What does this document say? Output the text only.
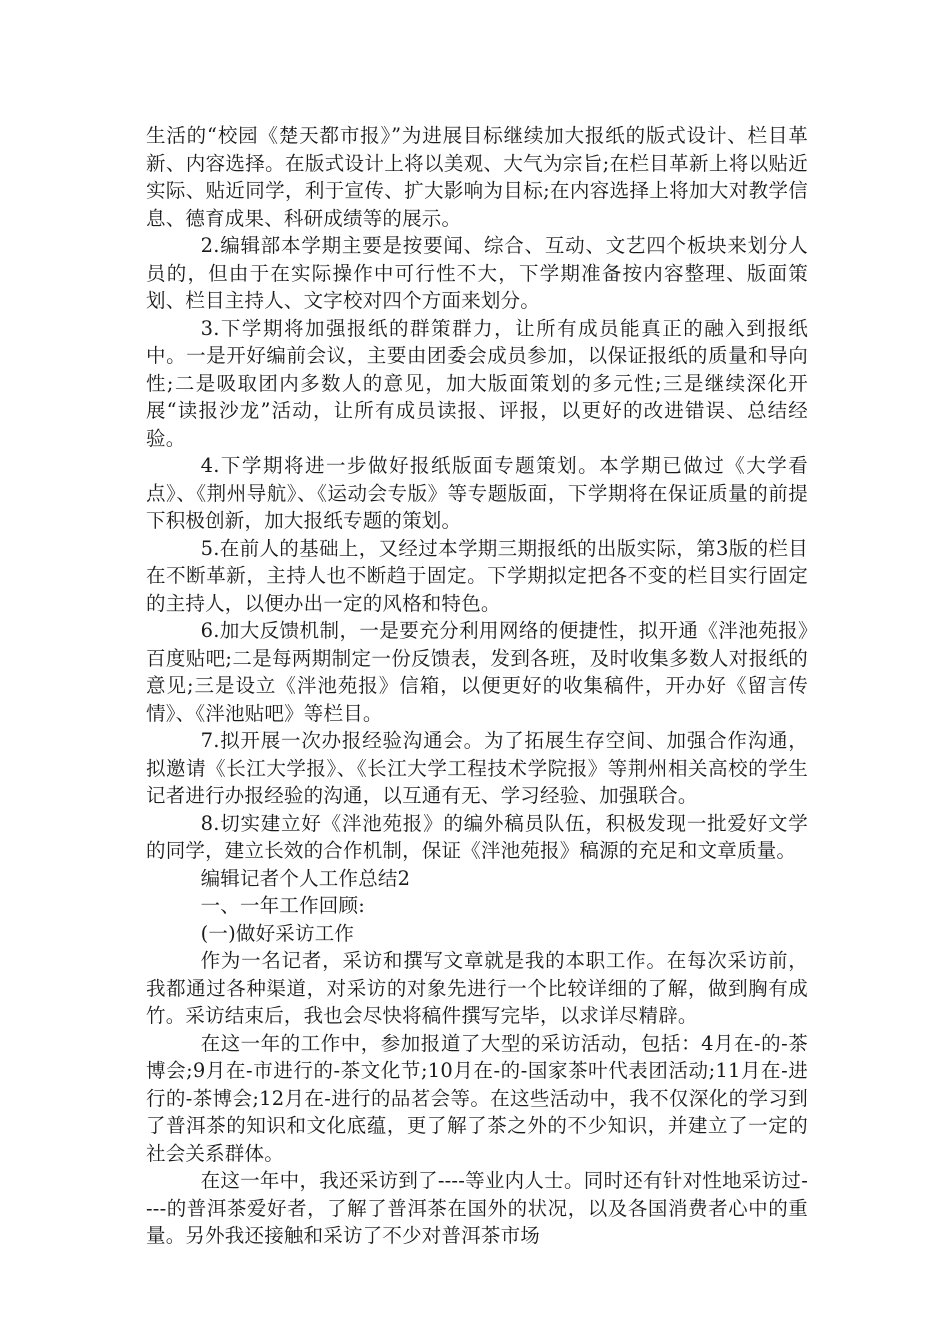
生活的“校园《楚天都市报》”为进展目标继续加大报纸的版式设计、栏目革新、内容选择。在版式设计上将以美观、大气为宗旨;在栏目革新上将以贴近实际、贴近同学，利于宣传、扩大影响为目标;在内容选择上将加大对教学信息、德育成果、科研成绩等的展示。

2.编辑部本学期主要是按要闻、综合、互动、文艺四个板块来划分人员的，但由于在实际操作中可行性不大，下学期准备按内容整理、版面策划、栏目主持人、文字校对四个方面来划分。

3.下学期将加强报纸的群策群力，让所有成员能真正的融入到报纸中。一是开好编前会议，主要由团委会成员参加，以保证报纸的质量和导向性;二是吸取团内多数人的意见，加大版面策划的多元性;三是继续深化开展“读报沙龙”活动，让所有成员读报、评报，以更好的改进错误、总结经验。

4.下学期将进一步做好报纸版面专题策划。本学期已做过《大学看点》、《荆州导航》、《运动会专版》等专题版面，下学期将在保证质量的前提下积极创新，加大报纸专题的策划。

5.在前人的基础上，又经过本学期三期报纸的出版实际，第3版的栏目在不断革新，主持人也不断趋于固定。下学期拟定把各不变的栏目实行固定的主持人，以便办出一定的风格和特色。

6.加大反馈机制，一是要充分利用网络的便捷性，拟开通《泮池苑报》百度贴吧;二是每两期制定一份反馈表，发到各班，及时收集多数人对报纸的意见;三是设立《泮池苑报》信箱，以便更好的收集稿件，开办好《留言传情》、《泮池贴吧》等栏目。

7.拟开展一次办报经验沟通会。为了拓展生存空间、加强合作沟通，拟邀请《长江大学报》、《长江大学工程技术学院报》等荆州相关高校的学生记者进行办报经验的沟通，以互通有无、学习经验、加强联合。

8.切实建立好《泮池苑报》的编外稿员队伍，积极发现一批爱好文学的同学，建立长效的合作机制，保证《泮池苑报》稿源的充足和文章质量。

编辑记者个人工作总结2

一、一年工作回顾:

(一)做好采访工作

作为一名记者，采访和撰写文章就是我的本职工作。在每次采访前，我都通过各种渠道，对采访的对象先进行一个比较详细的了解，做到胸有成竹。采访结束后，我也会尽快将稿件撰写完毕，以求详尽精辟。

在这一年的工作中，参加报道了大型的采访活动，包括：4月在-的-茶博会;9月在-市进行的-茶文化节;10月在-的-国家茶叶代表团活动;11月在-进行的-茶博会;12月在-进行的品茗会等。在这些活动中，我不仅深化的学习到了普洱茶的知识和文化底蕴，更了解了茶之外的不少知识，并建立了一定的社会关系群体。

在这一年中，我还采访到了----等业内人士。同时还有针对性地采访过----的普洱茶爱好者，了解了普洱茶在国外的状况，以及各国消费者心中的重量。另外我还接触和采访了不少对普洱茶市场
